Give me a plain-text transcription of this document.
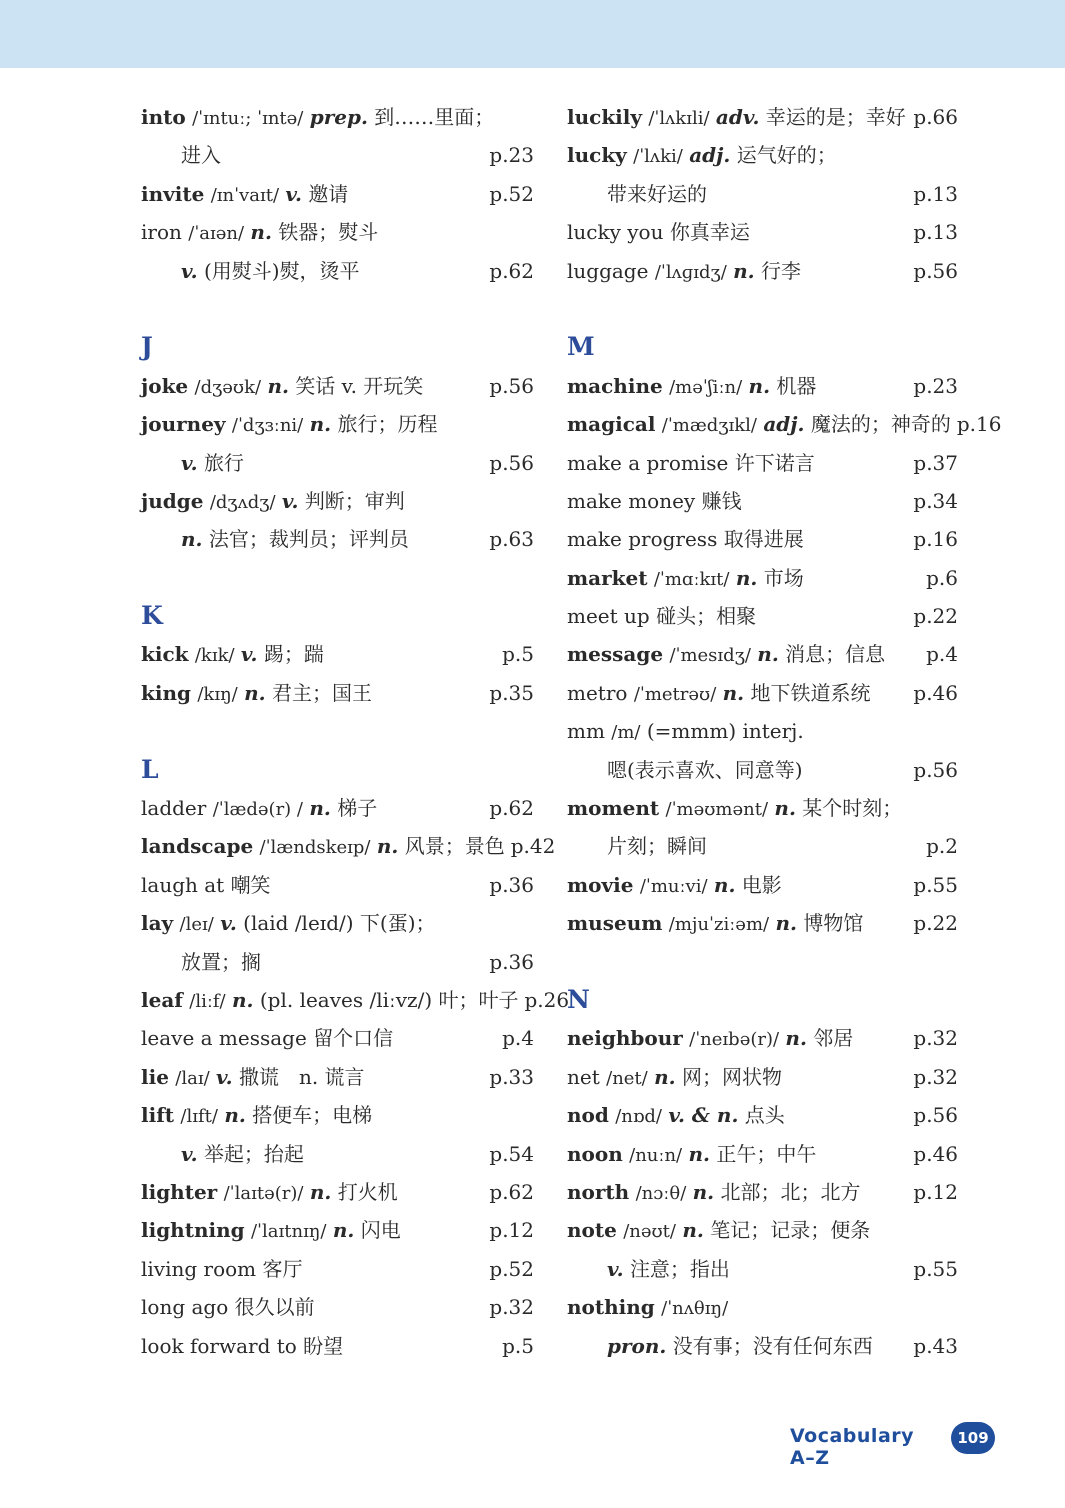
into /ˈɪntuː; ˈɪntə/ prep. 到……里面；
进入	p.23
invite /ɪnˈvaɪt/ v. 邀请	p.52
iron /ˈaɪən/ n. 铁器；熨斗
v. (用熨斗)熨，烫平	p.62
J
joke /dʒəʊk/ n. 笑话 v. 开玩笑	p.56
journey /ˈdʒɜːni/ n. 旅行；历程
v. 旅行	p.56
judge /dʒʌdʒ/ v. 判断；审判
n. 法官；裁判员；评判员	p.63
K
kick /kɪk/ v. 踢；踹	p.5
king /kɪŋ/ n. 君主；国王	p.35
L
ladder /ˈlædə(r) / n. 梯子	p.62
landscape /ˈlændskeɪp/ n. 风景；景色 p.42
laugh at 嘲笑	p.36
lay /leɪ/ v. (laid /leɪd/) 下(蛋)；
放置；搁	p.36
leaf /liːf/ n. (pl. leaves /liːvz/) 叶；叶子 p.26
leave a message 留个口信	p.4
lie /laɪ/ v. 撒谎　n. 谎言	p.33
lift /lɪft/ n. 搭便车；电梯
v. 举起；抬起	p.54
lighter /ˈlaɪtə(r)/ n. 打火机	p.62
lightning /ˈlaɪtnɪŋ/ n. 闪电	p.12
living room 客厅	p.52
long ago 很久以前	p.32
look forward to 盼望	p.5
luckily /ˈlʌkɪli/ adv. 幸运的是；幸好 p.66
lucky /ˈlʌki/ adj. 运气好的；
带来好运的	p.13
lucky you 你真幸运	p.13
luggage /ˈlʌɡɪdʒ/ n. 行李	p.56
M
machine /məˈʃiːn/ n. 机器	p.23
magical /ˈmædʒɪkl/ adj. 魔法的；神奇的 p.16
make a promise 许下诺言	p.37
make money 赚钱	p.34
make progress 取得进展	p.16
market /ˈmɑːkɪt/ n. 市场	p.6
meet up 碰头；相聚	p.22
message /ˈmesɪdʒ/ n. 消息；信息	p.4
metro /ˈmetrəʊ/ n. 地下铁道系统	p.46
mm /m/ (=mmm) interj.
嗯(表示喜欢、同意等)	p.56
moment /ˈməʊmənt/ n. 某个时刻；
片刻；瞬间	p.2
movie /ˈmuːvi/ n. 电影	p.55
museum /mjuˈziːəm/ n. 博物馆	p.22
N
neighbour /ˈneɪbə(r)/ n. 邻居	p.32
net /net/ n. 网；网状物	p.32
nod /nɒd/ v. & n. 点头	p.56
noon /nuːn/ n. 正午；中午	p.46
north /nɔːθ/ n. 北部；北；北方	p.12
note /nəʊt/ n. 笔记；记录；便条
v. 注意；指出	p.55
nothing /ˈnʌθɪŋ/
pron. 没有事；没有任何东西	p.43
Vocabulary A–Z
109
